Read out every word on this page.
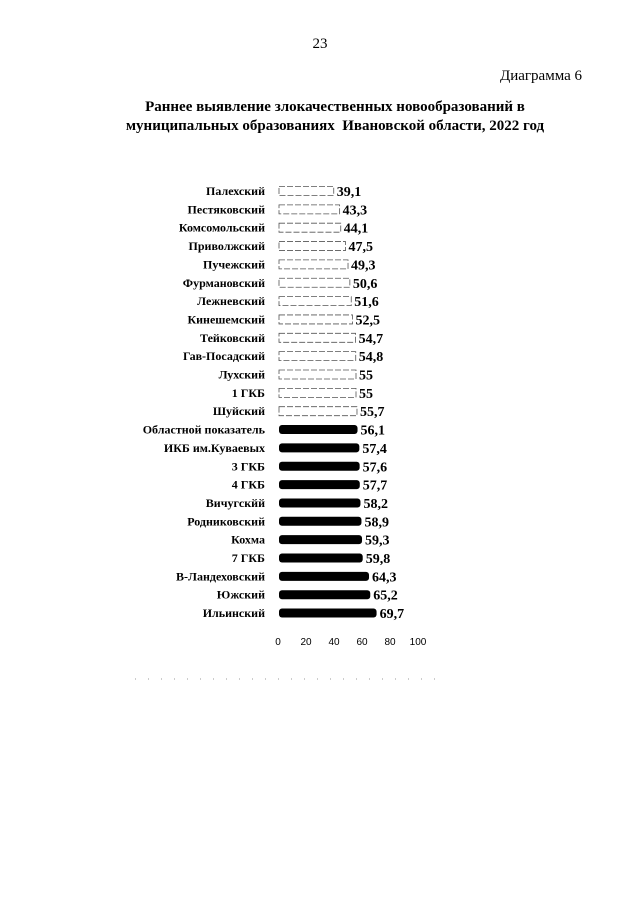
23
Диаграмма 6
Раннее выявление злокачественных новообразований в
муниципальных образованиях  Ивановской области, 2022 год
Палехский	39,1
Пестяковский	43,3
Комсомольский	44,1
Приволжский	47,5
Пучежский	49,3
Фурмановский	50,6
Лежневский	51,6
Кинешемский	52,5
Тейковский	54,7
Гав-Посадский	54,8
Лухский	55
1 ГКБ	55
Шуйский	55,7
Областной показатель	56,1
ИКБ им.Куваевых	57,4
3 ГКБ	57,6
4 ГКБ	57,7
Вичугскйй	58,2
Родниковский	58,9
Кохма	59,3
7 ГКБ	59,8
В-Ландеховский	64,3
Южский	65,2
Ильинский	69,7
0 20 40 60 80 100
